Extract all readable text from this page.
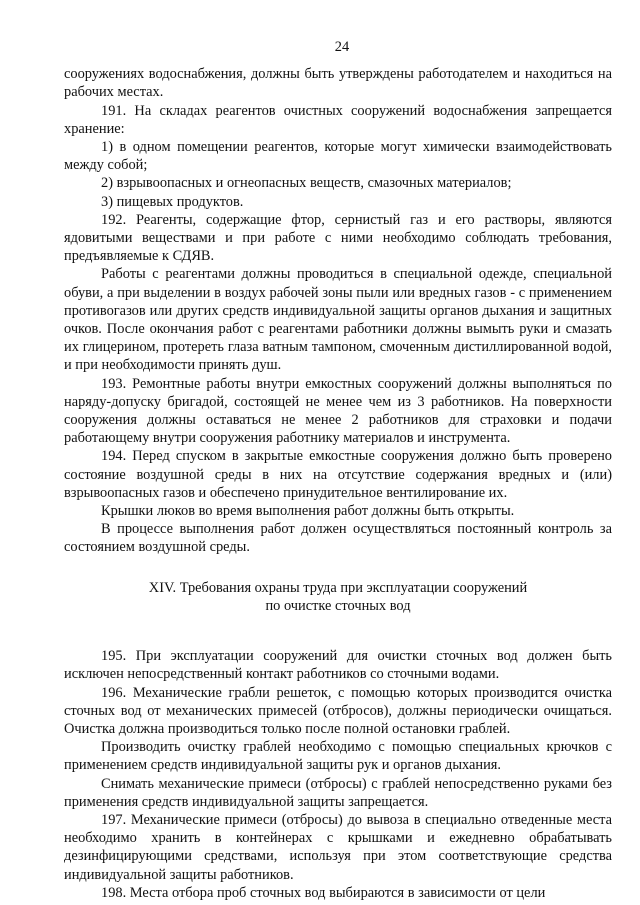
24

сооружениях водоснабжения, должны быть утверждены работодателем и находиться на рабочих местах.

191. На складах реагентов очистных сооружений водоснабжения запрещается хранение:

1) в одном помещении реагентов, которые могут химически взаимодействовать между собой;

2) взрывоопасных и огнеопасных веществ, смазочных материалов;

3) пищевых продуктов.

192. Реагенты, содержащие фтор, сернистый газ и его растворы, являются ядовитыми веществами и при работе с ними необходимо соблюдать требования, предъявляемые к СДЯВ.

Работы с реагентами должны проводиться в специальной одежде, специальной обуви, а при выделении в воздух рабочей зоны пыли или вредных газов - с применением противогазов или других средств индивидуальной защиты органов дыхания и защитных очков. После окончания работ с реагентами работники должны вымыть руки и смазать их глицерином, протереть глаза ватным тампоном, смоченным дистиллированной водой, и при необходимости принять душ.

193. Ремонтные работы внутри емкостных сооружений должны выполняться по наряду-допуску бригадой, состоящей не менее чем из 3 работников. На поверхности сооружения должны оставаться не менее 2 работников для страховки и подачи работающему внутри сооружения работнику материалов и инструмента.

194. Перед спуском в закрытые емкостные сооружения должно быть проверено состояние воздушной среды в них на отсутствие содержания вредных и (или) взрывоопасных газов и обеспечено принудительное вентилирование их.

Крышки люков во время выполнения работ должны быть открыты.

В процессе выполнения работ должен осуществляться постоянный контроль за состоянием воздушной среды.

XIV. Требования охраны труда при эксплуатации сооружений
по очистке сточных вод

195. При эксплуатации сооружений для очистки сточных вод должен быть исключен непосредственный контакт работников со сточными водами.

196. Механические грабли решеток, с помощью которых производится очистка сточных вод от механических примесей (отбросов), должны периодически очищаться. Очистка должна производиться только после полной остановки граблей.

Производить очистку граблей необходимо с помощью специальных крючков с применением средств индивидуальной защиты рук и органов дыхания.

Снимать механические примеси (отбросы) с граблей непосредственно руками без применения средств индивидуальной защиты запрещается.

197. Механические примеси (отбросы) до вывоза в специально отведенные места необходимо хранить в контейнерах с крышками и ежедневно обрабатывать дезинфицирующими средствами, используя при этом соответствующие средства индивидуальной защиты работников.

198. Места отбора проб сточных вод выбираются в зависимости от цели
